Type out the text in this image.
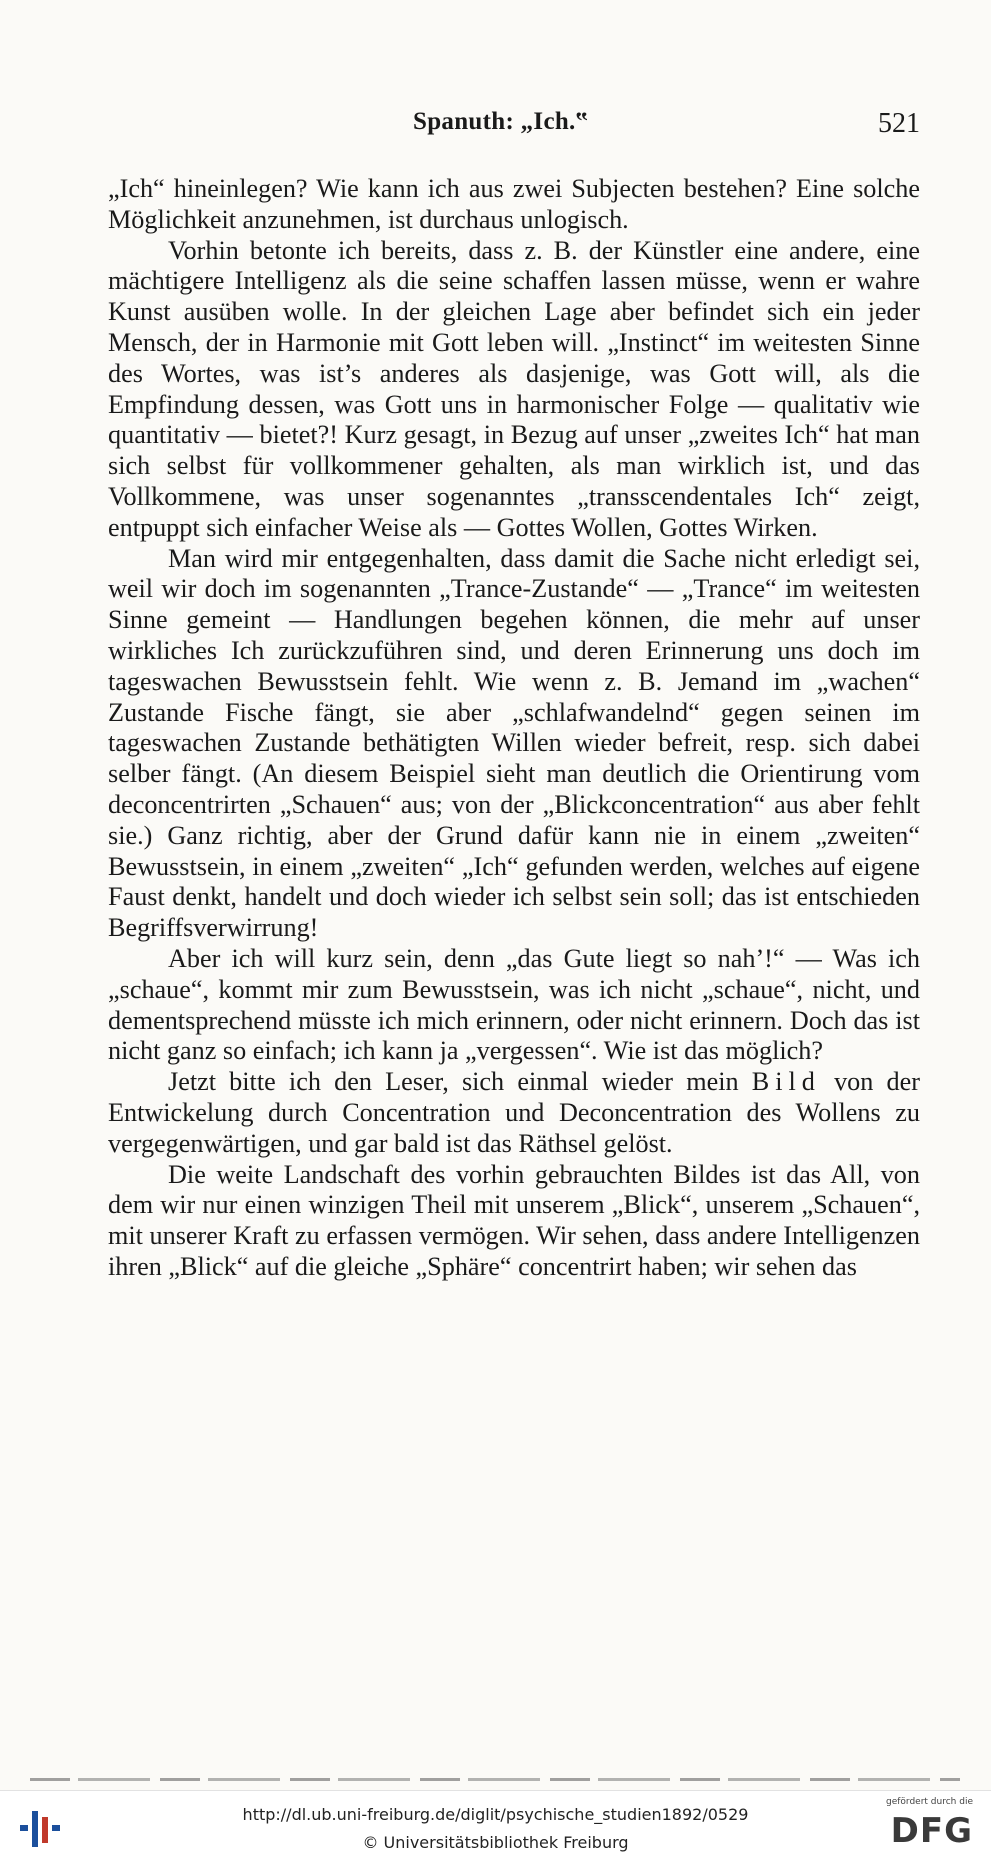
Spanuth: „Ich.‟	521

„Ich“ hineinlegen? Wie kann ich aus zwei Subjecten bestehen? Eine solche Möglichkeit anzunehmen, ist durchaus unlogisch.

Vorhin betonte ich bereits, dass z. B. der Künstler eine andere, eine mächtigere Intelligenz als die seine schaffen lassen müsse, wenn er wahre Kunst ausüben wolle. In der gleichen Lage aber befindet sich ein jeder Mensch, der in Harmonie mit Gott leben will. „Instinct“ im weitesten Sinne des Wortes, was ist’s anderes als dasjenige, was Gott will, als die Empfindung dessen, was Gott uns in harmonischer Folge — qualitativ wie quantitativ — bietet?! Kurz gesagt, in Bezug auf unser „zweites Ich“ hat man sich selbst für vollkommener gehalten, als man wirklich ist, und das Vollkommene, was unser sogenanntes „transscendentales Ich“ zeigt, entpuppt sich einfacher Weise als — Gottes Wollen, Gottes Wirken.

Man wird mir entgegenhalten, dass damit die Sache nicht erledigt sei, weil wir doch im sogenannten „Trance-Zustande“ — „Trance“ im weitesten Sinne gemeint — Handlungen begehen können, die mehr auf unser wirkliches Ich zurückzuführen sind, und deren Erinnerung uns doch im tageswachen Bewusstsein fehlt. Wie wenn z. B. Jemand im „wachen“ Zustande Fische fängt, sie aber „schlafwandelnd“ gegen seinen im tageswachen Zustande bethätigten Willen wieder befreit, resp. sich dabei selber fängt. (An diesem Beispiel sieht man deutlich die Orientirung vom deconcentrirten „Schauen“ aus; von der „Blickconcentration“ aus aber fehlt sie.) Ganz richtig, aber der Grund dafür kann nie in einem „zweiten“ Bewusstsein, in einem „zweiten“ „Ich“ gefunden werden, welches auf eigene Faust denkt, handelt und doch wieder ich selbst sein soll; das ist entschieden Begriffsverwirrung!

Aber ich will kurz sein, denn „das Gute liegt so nah’!“ — Was ich „schaue“, kommt mir zum Bewusstsein, was ich nicht „schaue“, nicht, und dementsprechend müsste ich mich erinnern, oder nicht erinnern. Doch das ist nicht ganz so einfach; ich kann ja „vergessen“. Wie ist das möglich?

Jetzt bitte ich den Leser, sich einmal wieder mein Bild von der Entwickelung durch Concentration und Deconcentration des Wollens zu vergegenwärtigen, und gar bald ist das Räthsel gelöst.

Die weite Landschaft des vorhin gebrauchten Bildes ist das All, von dem wir nur einen winzigen Theil mit unserem „Blick“, unserem „Schauen“, mit unserer Kraft zu erfassen vermögen. Wir sehen, dass andere Intelligenzen ihren „Blick“ auf die gleiche „Sphäre“ concentrirt haben; wir sehen das

http://dl.ub.uni-freiburg.de/diglit/psychische_studien1892/0529
© Universitätsbibliothek Freiburg
gefördert durch die
DFG
